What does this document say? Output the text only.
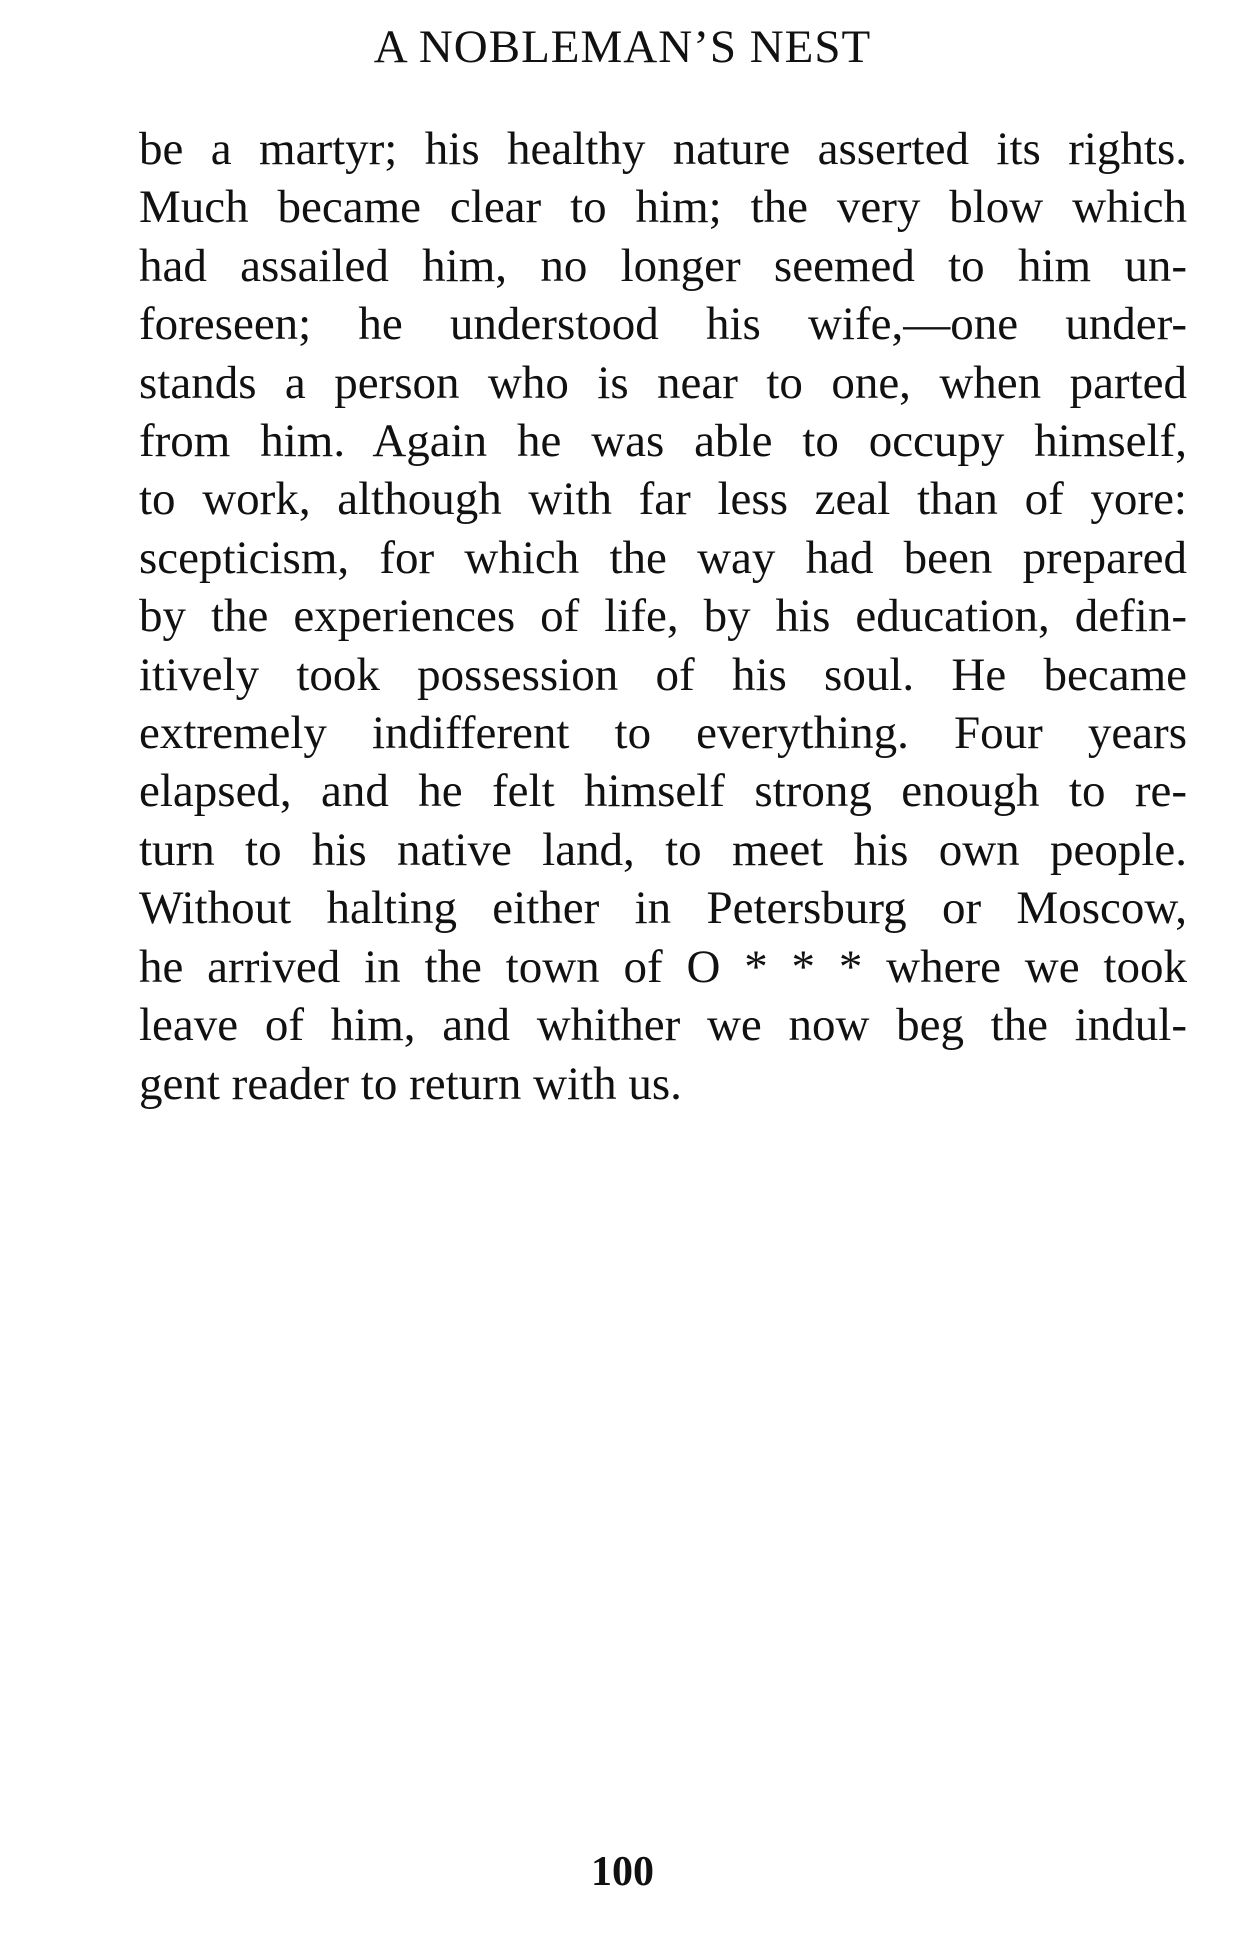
A NOBLEMAN’S NEST
be a martyr; his healthy nature asserted its rights.
Much became clear to him; the very blow which
had assailed him, no longer seemed to him un-
foreseen; he understood his wife,—one under-
stands a person who is near to one, when parted
from him. Again he was able to occupy himself,
to work, although with far less zeal than of yore:
scepticism, for which the way had been prepared
by the experiences of life, by his education, defin-
itively took possession of his soul. He became
extremely indifferent to everything. Four years
elapsed, and he felt himself strong enough to re-
turn to his native land, to meet his own people.
Without halting either in Petersburg or Moscow,
he arrived in the town of O * * * where we took
leave of him, and whither we now beg the indul-
gent reader to return with us.
100
